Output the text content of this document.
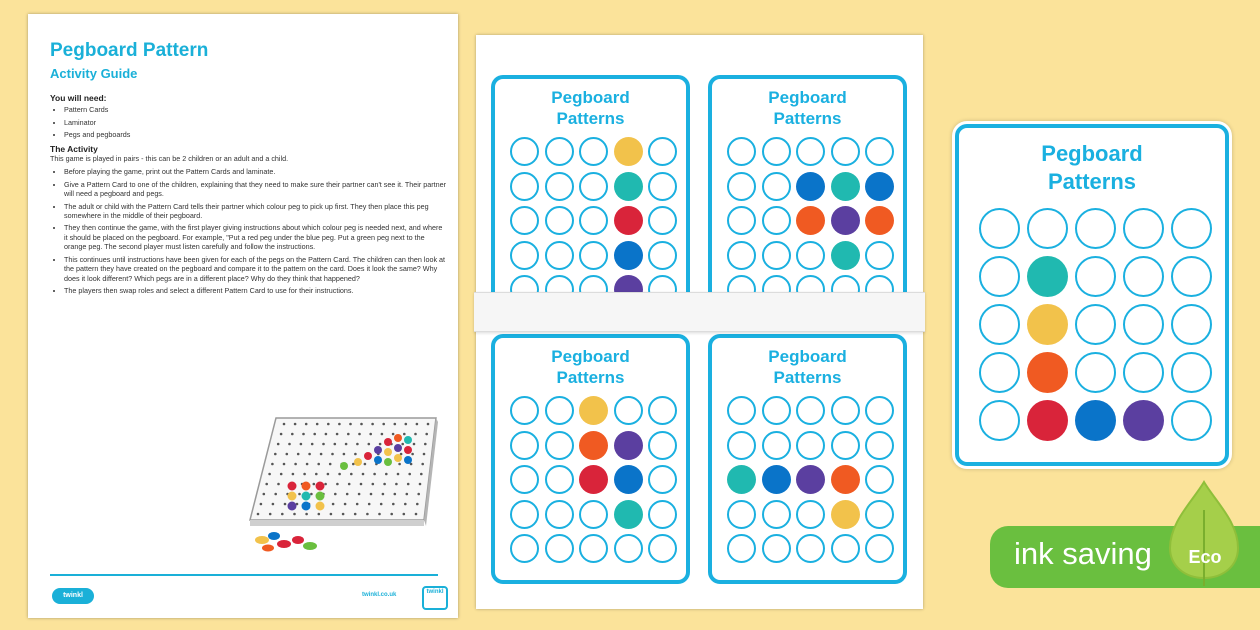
Pegboard Pattern
Activity Guide
You will need:
• Pattern Cards
• Laminator
• Pegs and pegboards
The Activity

This game is played in pairs - this can be 2 children or an adult and a child.

• Before playing the game, print out the Pattern Cards and laminate.
• Give a Pattern Card to one of the children, explaining that they need to make sure their partner can't see it. Their partner will need a pegboard and pegs.
• The adult or child with the Pattern Card tells their partner which colour peg to pick up first. They then place this peg somewhere in the middle of their pegboard.
• They then continue the game, with the first player giving instructions about which colour peg is needed next, and where it should be placed on the pegboard. For example, "Put a red peg under the blue peg. Put a green peg next to the orange peg. The second player must listen carefully and follow the instructions.
• This continues until instructions have been given for each of the pegs on the Pattern Card. The children can then look at the pattern they have created on the pegboard and compare it to the pattern on the card. Does it look the same? Why does it look different? Which pegs are in a different place? Why do they think that happened?
• The players then swap roles and select a different Pattern Card to use for their instructions.
twinkl	twinkl.co.uk	twinkl
Pegboard
Patterns
Pegboard
Patterns
Pegboard
Patterns
Pegboard
Patterns
Pegboard
Patterns
ink saving Eco
